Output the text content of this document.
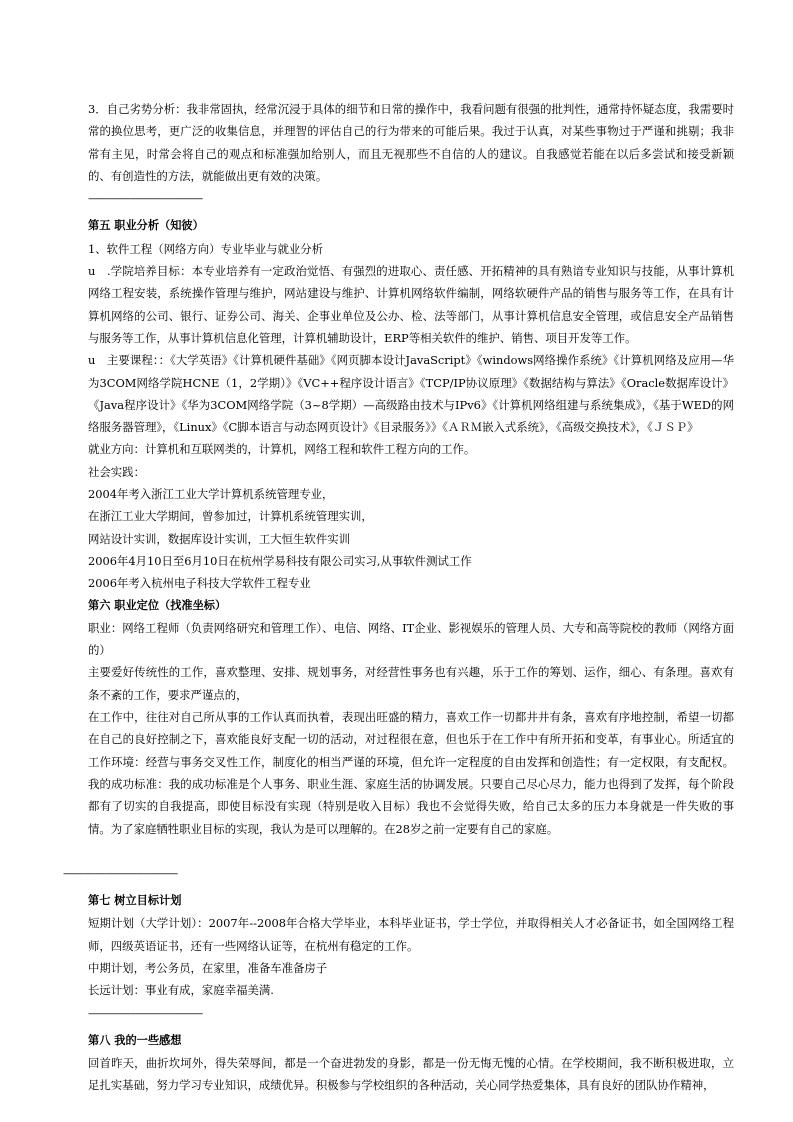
3．自己劣势分析：我非常固执，经常沉浸于具体的细节和日常的操作中，我看问题有很强的批判性，通常持怀疑态度，我需要时常的换位思考，更广泛的收集信息，并理智的评估自己的行为带来的可能后果。我过于认真，对某些事物过于严谨和挑剔；我非常有主见，时常会将自己的观点和标准强加给别人，而且无视那些不自信的人的建议。自我感觉若能在以后多尝试和接受新颖的、有创造性的方法，就能做出更有效的决策。

———————————

第五 职业分析（知彼）

1、软件工程（网络方向）专业毕业与就业分析

u　.学院培养目标：本专业培养有一定政治觉悟、有强烈的进取心、责任感、开拓精神的具有熟谙专业知识与技能，从事计算机网络工程安装，系统操作管理与维护，网站建设与维护、计算机网络软件编制，网络软硬件产品的销售与服务等工作，在具有计算机网络的公司、银行、证券公司、海关、企事业单位及公办、检、法等部门，从事计算机信息安全管理，或信息安全产品销售与服务等工作，从事计算机信息化管理，计算机辅助设计，ERP等相关软件的维护、销售、项目开发等工作。

u　主要课程：：《大学英语》《计算机硬件基础》《网页脚本设计JavaScript》《windows网络操作系统》《计算机网络及应用—华为3COM网络学院HCNE（1，2学期）》《VC++程序设计语言》《TCP/IP协议原理》《数据结构与算法》《Oracle数据库设计》《Java程序设计》《华为3COM网络学院（3~8学期）—高级路由技术与IPv6》《计算机网络组建与系统集成》，《基于WED的网络服务器管理》，《Linux》《C脚本语言与动态网页设计》《目录服务》》《ＡＲＭ嵌入式系统》，《高级交换技术》，《ＪＳＰ》

就业方向：计算机和互联网类的，计算机，网络工程和软件工程方向的工作。

社会实践：

2004年考入浙江工业大学计算机系统管理专业，

在浙江工业大学期间，曾参加过，计算机系统管理实训，

网站设计实训，数据库设计实训，工大恒生软件实训

2006年4月10日至6月10日在杭州学易科技有限公司实习,从事软件测试工作

2006年考入杭州电子科技大学软件工程专业

第六 职业定位（找准坐标）

职业：网络工程师（负责网络研究和管理工作）、电信、网络、IT企业、影视娱乐的管理人员、大专和高等院校的教师（网络方面的）

主要爱好传统性的工作，喜欢整理、安排、规划事务，对经营性事务也有兴趣，乐于工作的筹划、运作，细心、有条理。喜欢有条不紊的工作，要求严谨点的，

在工作中，往往对自己所从事的工作认真而执着，表现出旺盛的精力，喜欢工作一切都井井有条，喜欢有序地控制，希望一切都在自己的良好控制之下，喜欢能良好支配一切的活动，对过程很在意，但也乐于在工作中有所开拓和变革，有事业心。所适宜的工作环境：经营与事务交叉性工作，制度化的相当严谨的环境，但允许一定程度的自由发挥和创造性；有一定权限，有支配权。我的成功标准：我的成功标准是个人事务、职业生涯、家庭生活的协调发展。只要自己尽心尽力，能力也得到了发挥，每个阶段都有了切实的自我提高，即使目标没有实现（特别是收入目标）我也不会觉得失败，给自己太多的压力本身就是一件失败的事情。为了家庭牺牲职业目标的实现，我认为是可以理解的。在28岁之前一定要有自己的家庭。

———————————

第七 树立目标计划

短期计划（大学计划）：2007年--2008年合格大学毕业，本科毕业证书，学士学位，并取得相关人才必备证书，如全国网络工程师，四级英语证书，还有一些网络认证等，在杭州有稳定的工作。

中期计划，考公务员，在家里，准备车准备房子

长远计划：事业有成，家庭幸福美满.

———————————

第八 我的一些感想

回首昨天，曲折坎坷外，得失荣辱间，都是一个奋进勃发的身影，都是一份无悔无愧的心情。在学校期间，我不断积极进取，立足扎实基础，努力学习专业知识，成绩优异。积极参与学校组织的各种活动，关心同学热爱集体，具有良好的团队协作精神，
